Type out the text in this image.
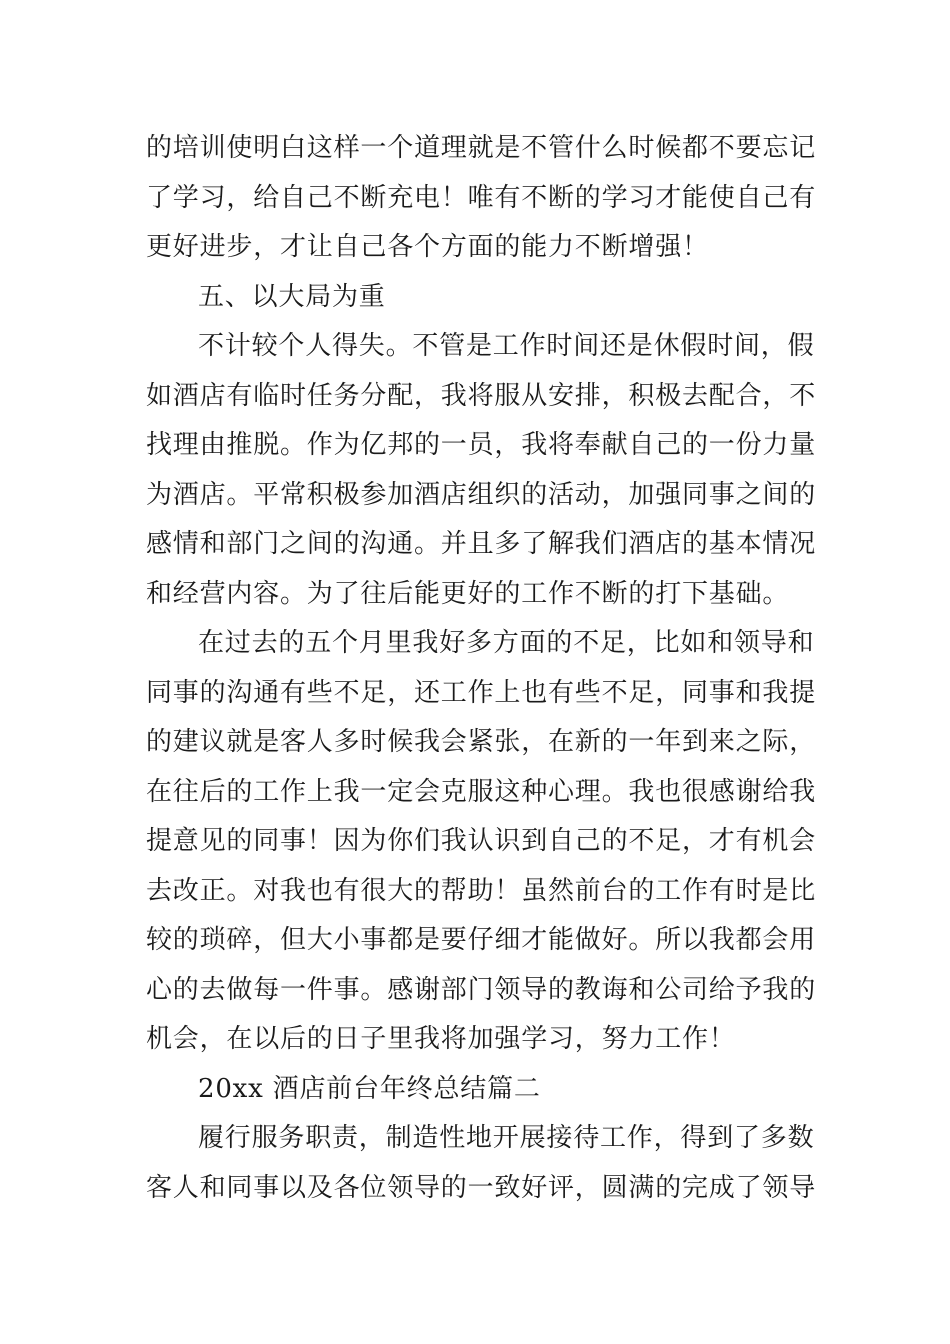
的培训使明白这样一个道理就是不管什么时候都不要忘记
了学习，给自己不断充电！唯有不断的学习才能使自己有
更好进步，才让自己各个方面的能力不断增强！
五、以大局为重
不计较个人得失。不管是工作时间还是休假时间，假
如酒店有临时任务分配，我将服从安排，积极去配合，不
找理由推脱。作为亿邦的一员，我将奉献自己的一份力量
为酒店。平常积极参加酒店组织的活动，加强同事之间的
感情和部门之间的沟通。并且多了解我们酒店的基本情况
和经营内容。为了往后能更好的工作不断的打下基础。
在过去的五个月里我好多方面的不足，比如和领导和
同事的沟通有些不足，还工作上也有些不足，同事和我提
的建议就是客人多时候我会紧张，在新的一年到来之际，
在往后的工作上我一定会克服这种心理。我也很感谢给我
提意见的同事！因为你们我认识到自己的不足，才有机会
去改正。对我也有很大的帮助！虽然前台的工作有时是比
较的琐碎，但大小事都是要仔细才能做好。所以我都会用
心的去做每一件事。感谢部门领导的教诲和公司给予我的
机会，在以后的日子里我将加强学习，努力工作！
20xx 酒店前台年终总结篇二
履行服务职责，制造性地开展接待工作，得到了多数
客人和同事以及各位领导的一致好评，圆满的完成了领导
